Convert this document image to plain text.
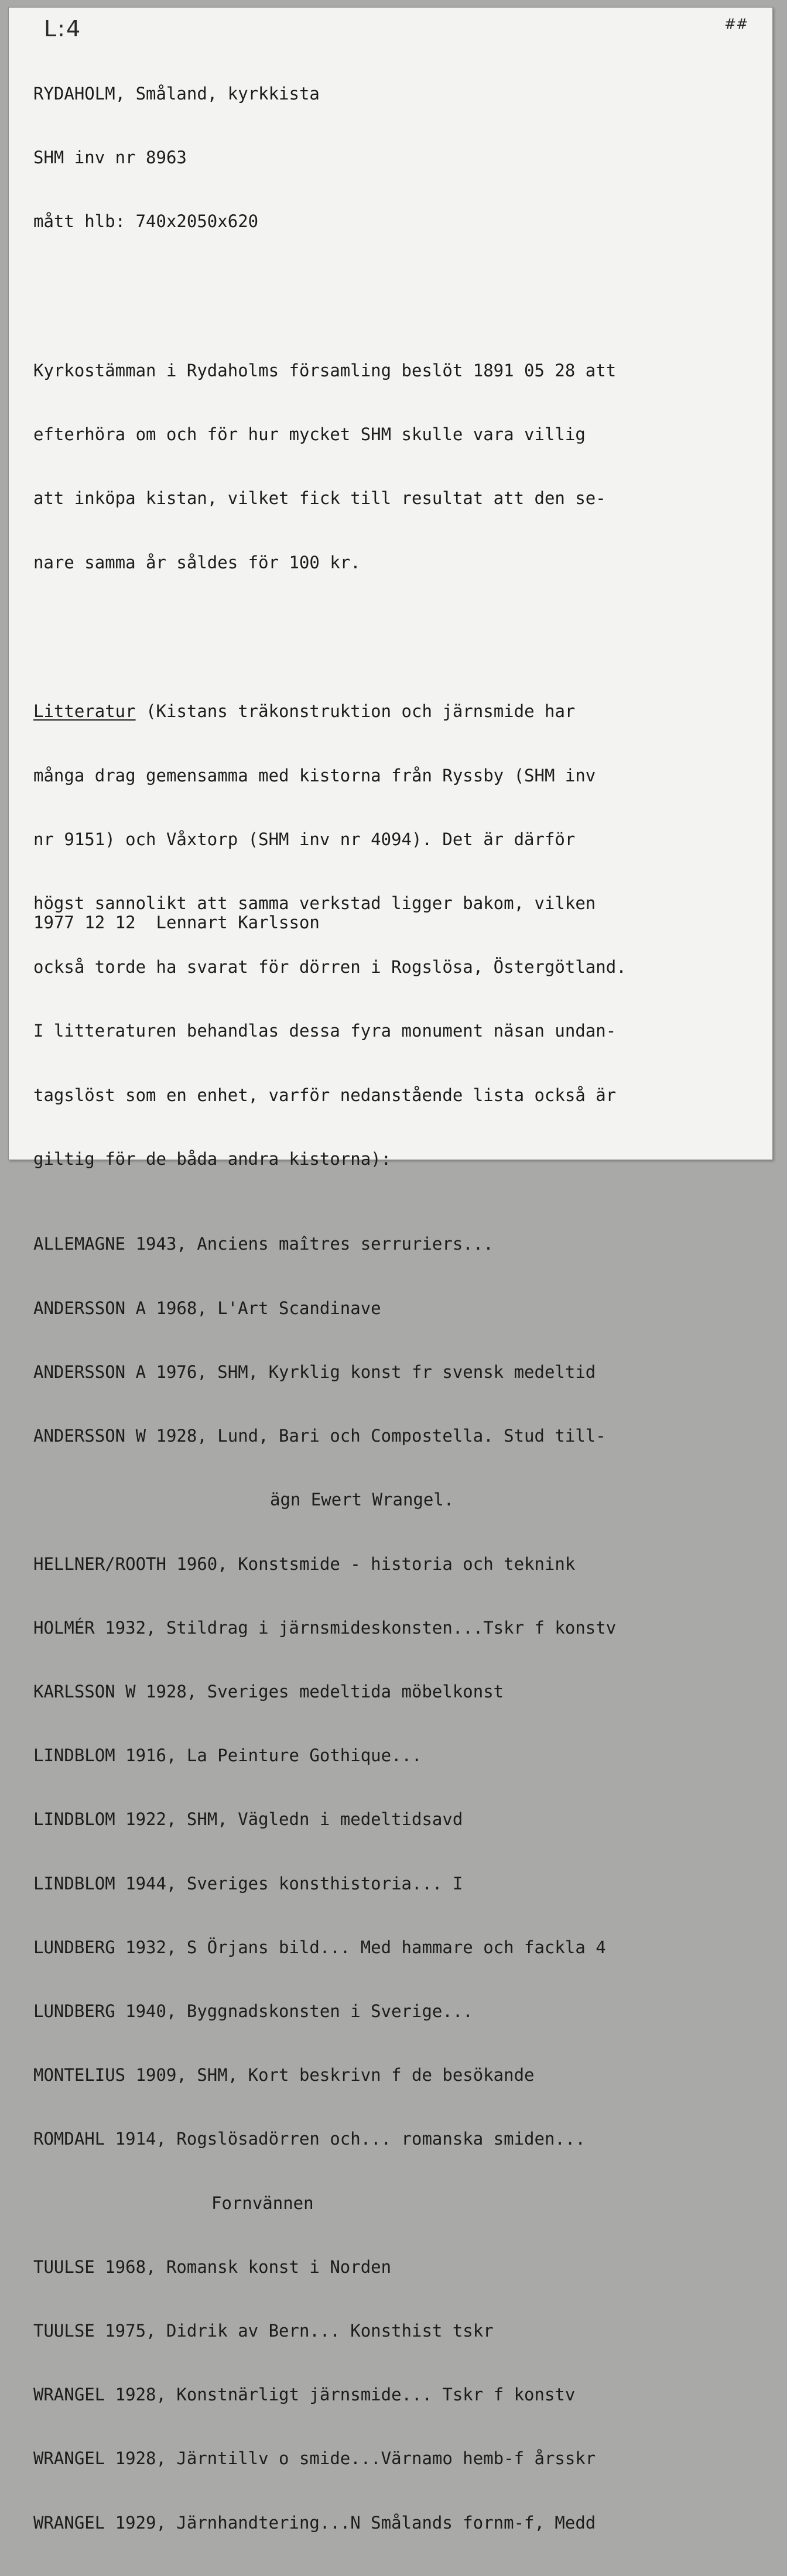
L:4	##

RYDAHOLM, Småland, kyrkkista

SHM inv nr 8963

mått hlb: 740x2050x620

Kyrkostämman i Rydaholms församling beslöt 1891 05 28 att

efterhöra om och för hur mycket SHM skulle vara villig

att inköpa kistan, vilket fick till resultat att den se-

nare samma år såldes för 100 kr.

Litteratur (Kistans träkonstruktion och järnsmide har

många drag gemensamma med kistorna från Ryssby (SHM inv

nr 9151) och Våxtorp (SHM inv nr 4094). Det är därför

högst sannolikt att samma verkstad ligger bakom, vilken

också torde ha svarat för dörren i Rogslösa, Östergötland.

I litteraturen behandlas dessa fyra monument näsan undan-

tagslöst som en enhet, varför nedanstående lista också är

giltig för de båda andra kistorna):

ALLEMAGNE 1943, Anciens maîtres serruriers...

ANDERSSON A 1968, L'Art Scandinave

ANDERSSON A 1976, SHM, Kyrklig konst fr svensk medeltid

ANDERSSON W 1928, Lund, Bari och Compostella. Stud till-

ägn Ewert Wrangel.

HELLNER/ROOTH 1960, Konstsmide - historia och teknink

HOLMÉR 1932, Stildrag i järnsmideskonsten...Tskr f konstv

KARLSSON W 1928, Sveriges medeltida möbelkonst

LINDBLOM 1916, La Peinture Gothique...

LINDBLOM 1922, SHM, Vägledn i medeltidsavd

LINDBLOM 1944, Sveriges konsthistoria... I

LUNDBERG 1932, S Örjans bild... Med hammare och fackla 4

LUNDBERG 1940, Byggnadskonsten i Sverige...

MONTELIUS 1909, SHM, Kort beskrivn f de besökande

ROMDAHL 1914, Rogslösadörren och... romanska smiden...

Fornvännen

TUULSE 1968, Romansk konst i Norden

TUULSE 1975, Didrik av Bern... Konsthist tskr

WRANGEL 1928, Konstnärligt järnsmide... Tskr f konstv

WRANGEL 1928, Järntillv o smide...Värnamo hemb-f årsskr

WRANGEL 1929, Järnhandtering...N Smålands fornm-f, Medd

1977 12 12 Lennart Karlsson
